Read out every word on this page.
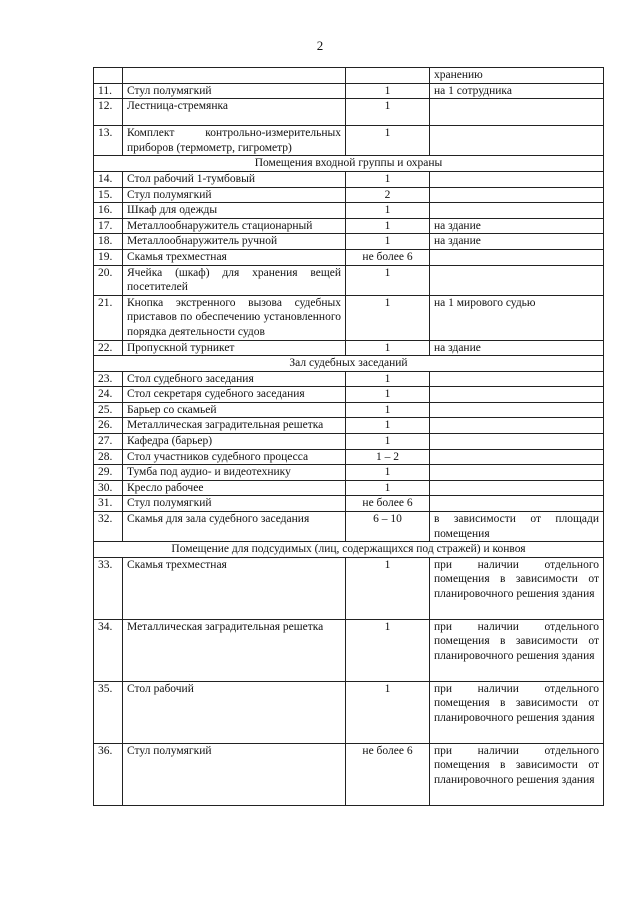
2
			хранению
11.	Стул полумягкий	1	на 1 сотрудника
12.	Лестница-стремянка	1	
13.	Комплект контрольно-измерительных приборов (термометр, гигрометр)	1	
Помещения входной группы и охраны			
14.	Стол рабочий 1-тумбовый	1	
15.	Стул полумягкий	2	
16.	Шкаф для одежды	1	
17.	Металлообнаружитель стационарный	1	на здание
18.	Металлообнаружитель ручной	1	на здание
19.	Скамья трехместная	не более 6	
20.	Ячейка (шкаф) для хранения вещей посетителей	1	
21.	Кнопка экстренного вызова судебных приставов по обеспечению установленного порядка деятельности судов	1	на 1 мирового судью
22.	Пропускной турникет	1	на здание
Зал судебных заседаний			
23.	Стол судебного заседания	1	
24.	Стол секретаря судебного заседания	1	
25.	Барьер со скамьей	1	
26.	Металлическая заградительная решетка	1	
27.	Кафедра (барьер)	1	
28.	Стол участников судебного процесса	1 – 2	
29.	Тумба под аудио- и видеотехнику	1	
30.	Кресло рабочее	1	
31.	Стул полумягкий	не более 6	
32.	Скамья для зала судебного заседания	6 – 10	в зависимости от площади помещения
Помещение для подсудимых (лиц, содержащихся под стражей) и конвоя			
33.	Скамья трехместная	1	при наличии отдельного помещения в зависимости от планировочного решения здания
34.	Металлическая заградительная решетка	1	при наличии отдельного помещения в зависимости от планировочного решения здания
35.	Стол рабочий	1	при наличии отдельного помещения в зависимости от планировочного решения здания
36.	Стул полумягкий	не более 6	при наличии отдельного помещения в зависимости от планировочного решения здания
